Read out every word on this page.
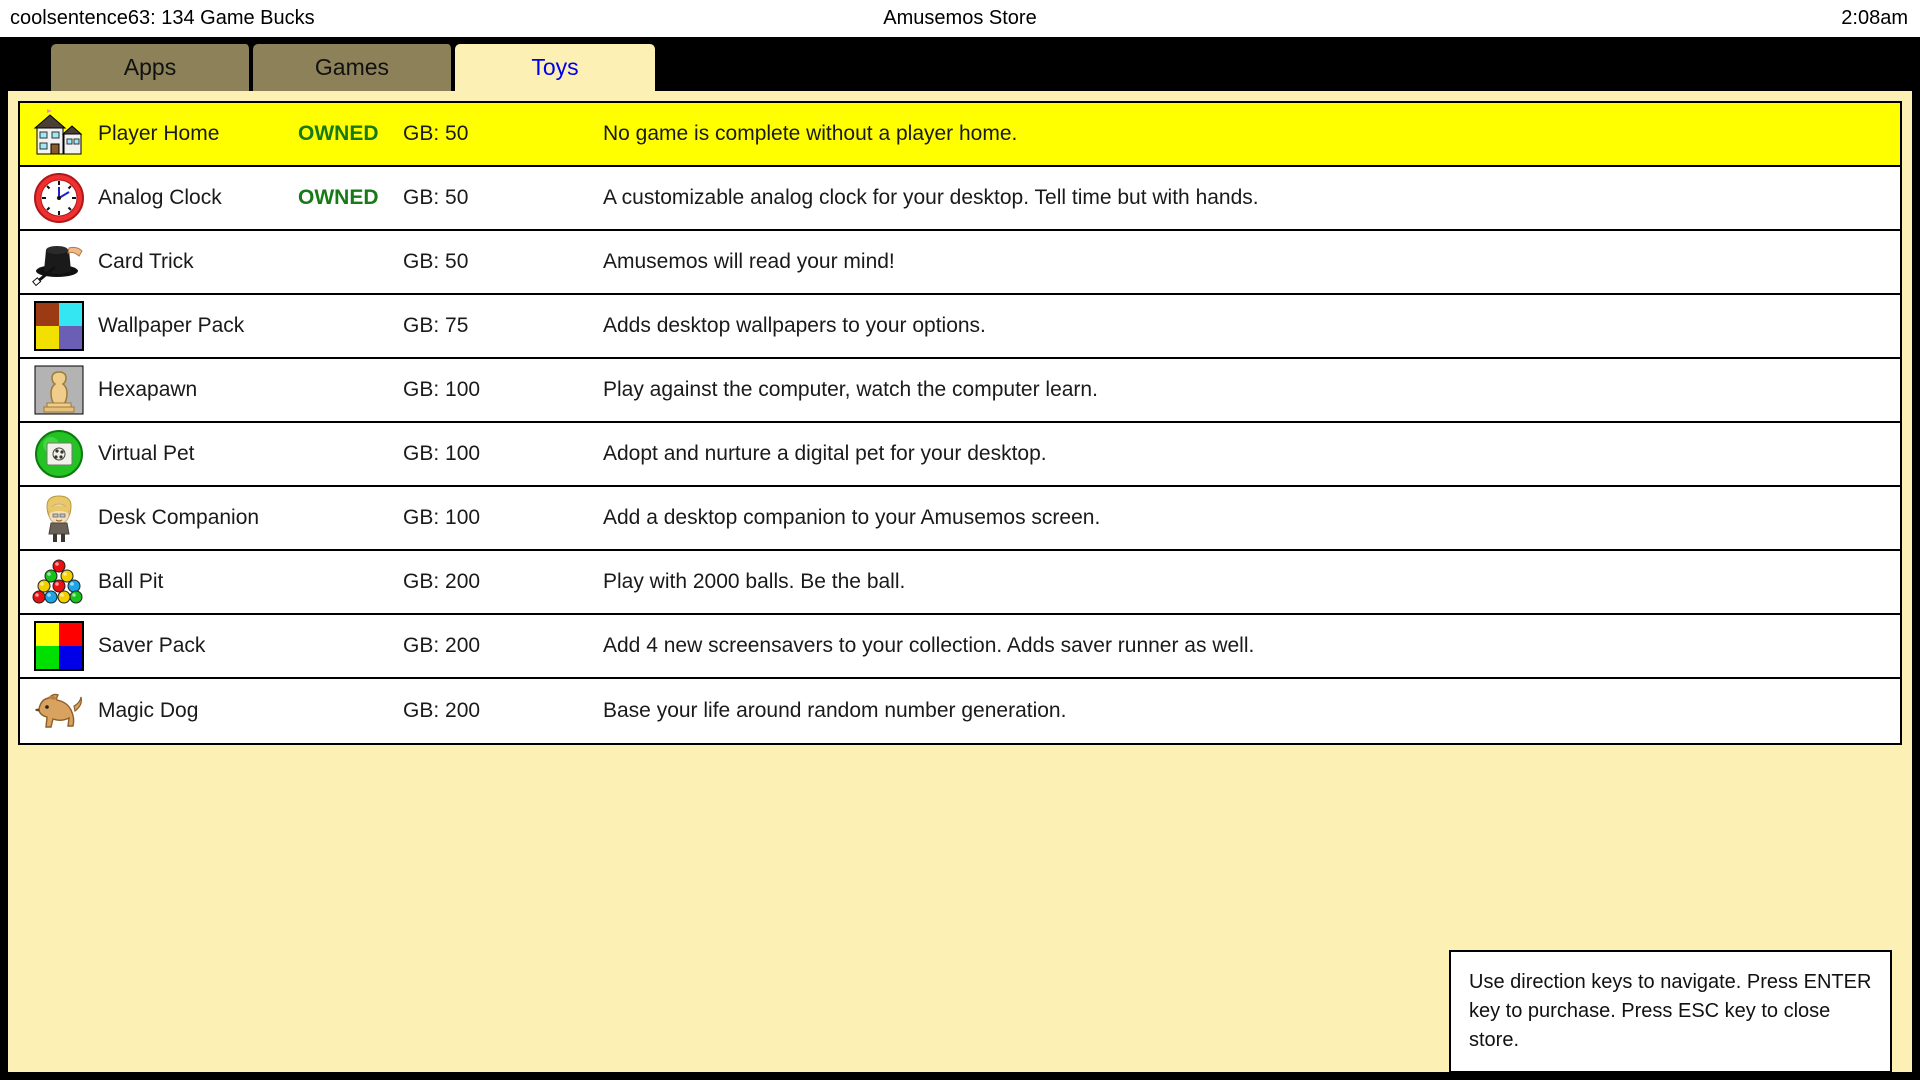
coolsentence63: 134 Game Bucks	Amusemos Store	2:08am
Apps	Games	Toys
Player Home	OWNED	GB: 50	No game is complete without a player home.
Analog Clock	OWNED	GB: 50	A customizable analog clock for your desktop. Tell time but with hands.
Card Trick	GB: 50	Amusemos will read your mind!
Wallpaper Pack	GB: 75	Adds desktop wallpapers to your options.
Hexapawn	GB: 100	Play against the computer, watch the computer learn.
Virtual Pet	GB: 100	Adopt and nurture a digital pet for your desktop.
Desk Companion	GB: 100	Add a desktop companion to your Amusemos screen.
Ball Pit	GB: 200	Play with 2000 balls. Be the ball.
Saver Pack	GB: 200	Add 4 new screensavers to your collection. Adds saver runner as well.
Magic Dog	GB: 200	Base your life around random number generation.
Use direction keys to navigate. Press ENTER key to purchase. Press ESC key to close store.
